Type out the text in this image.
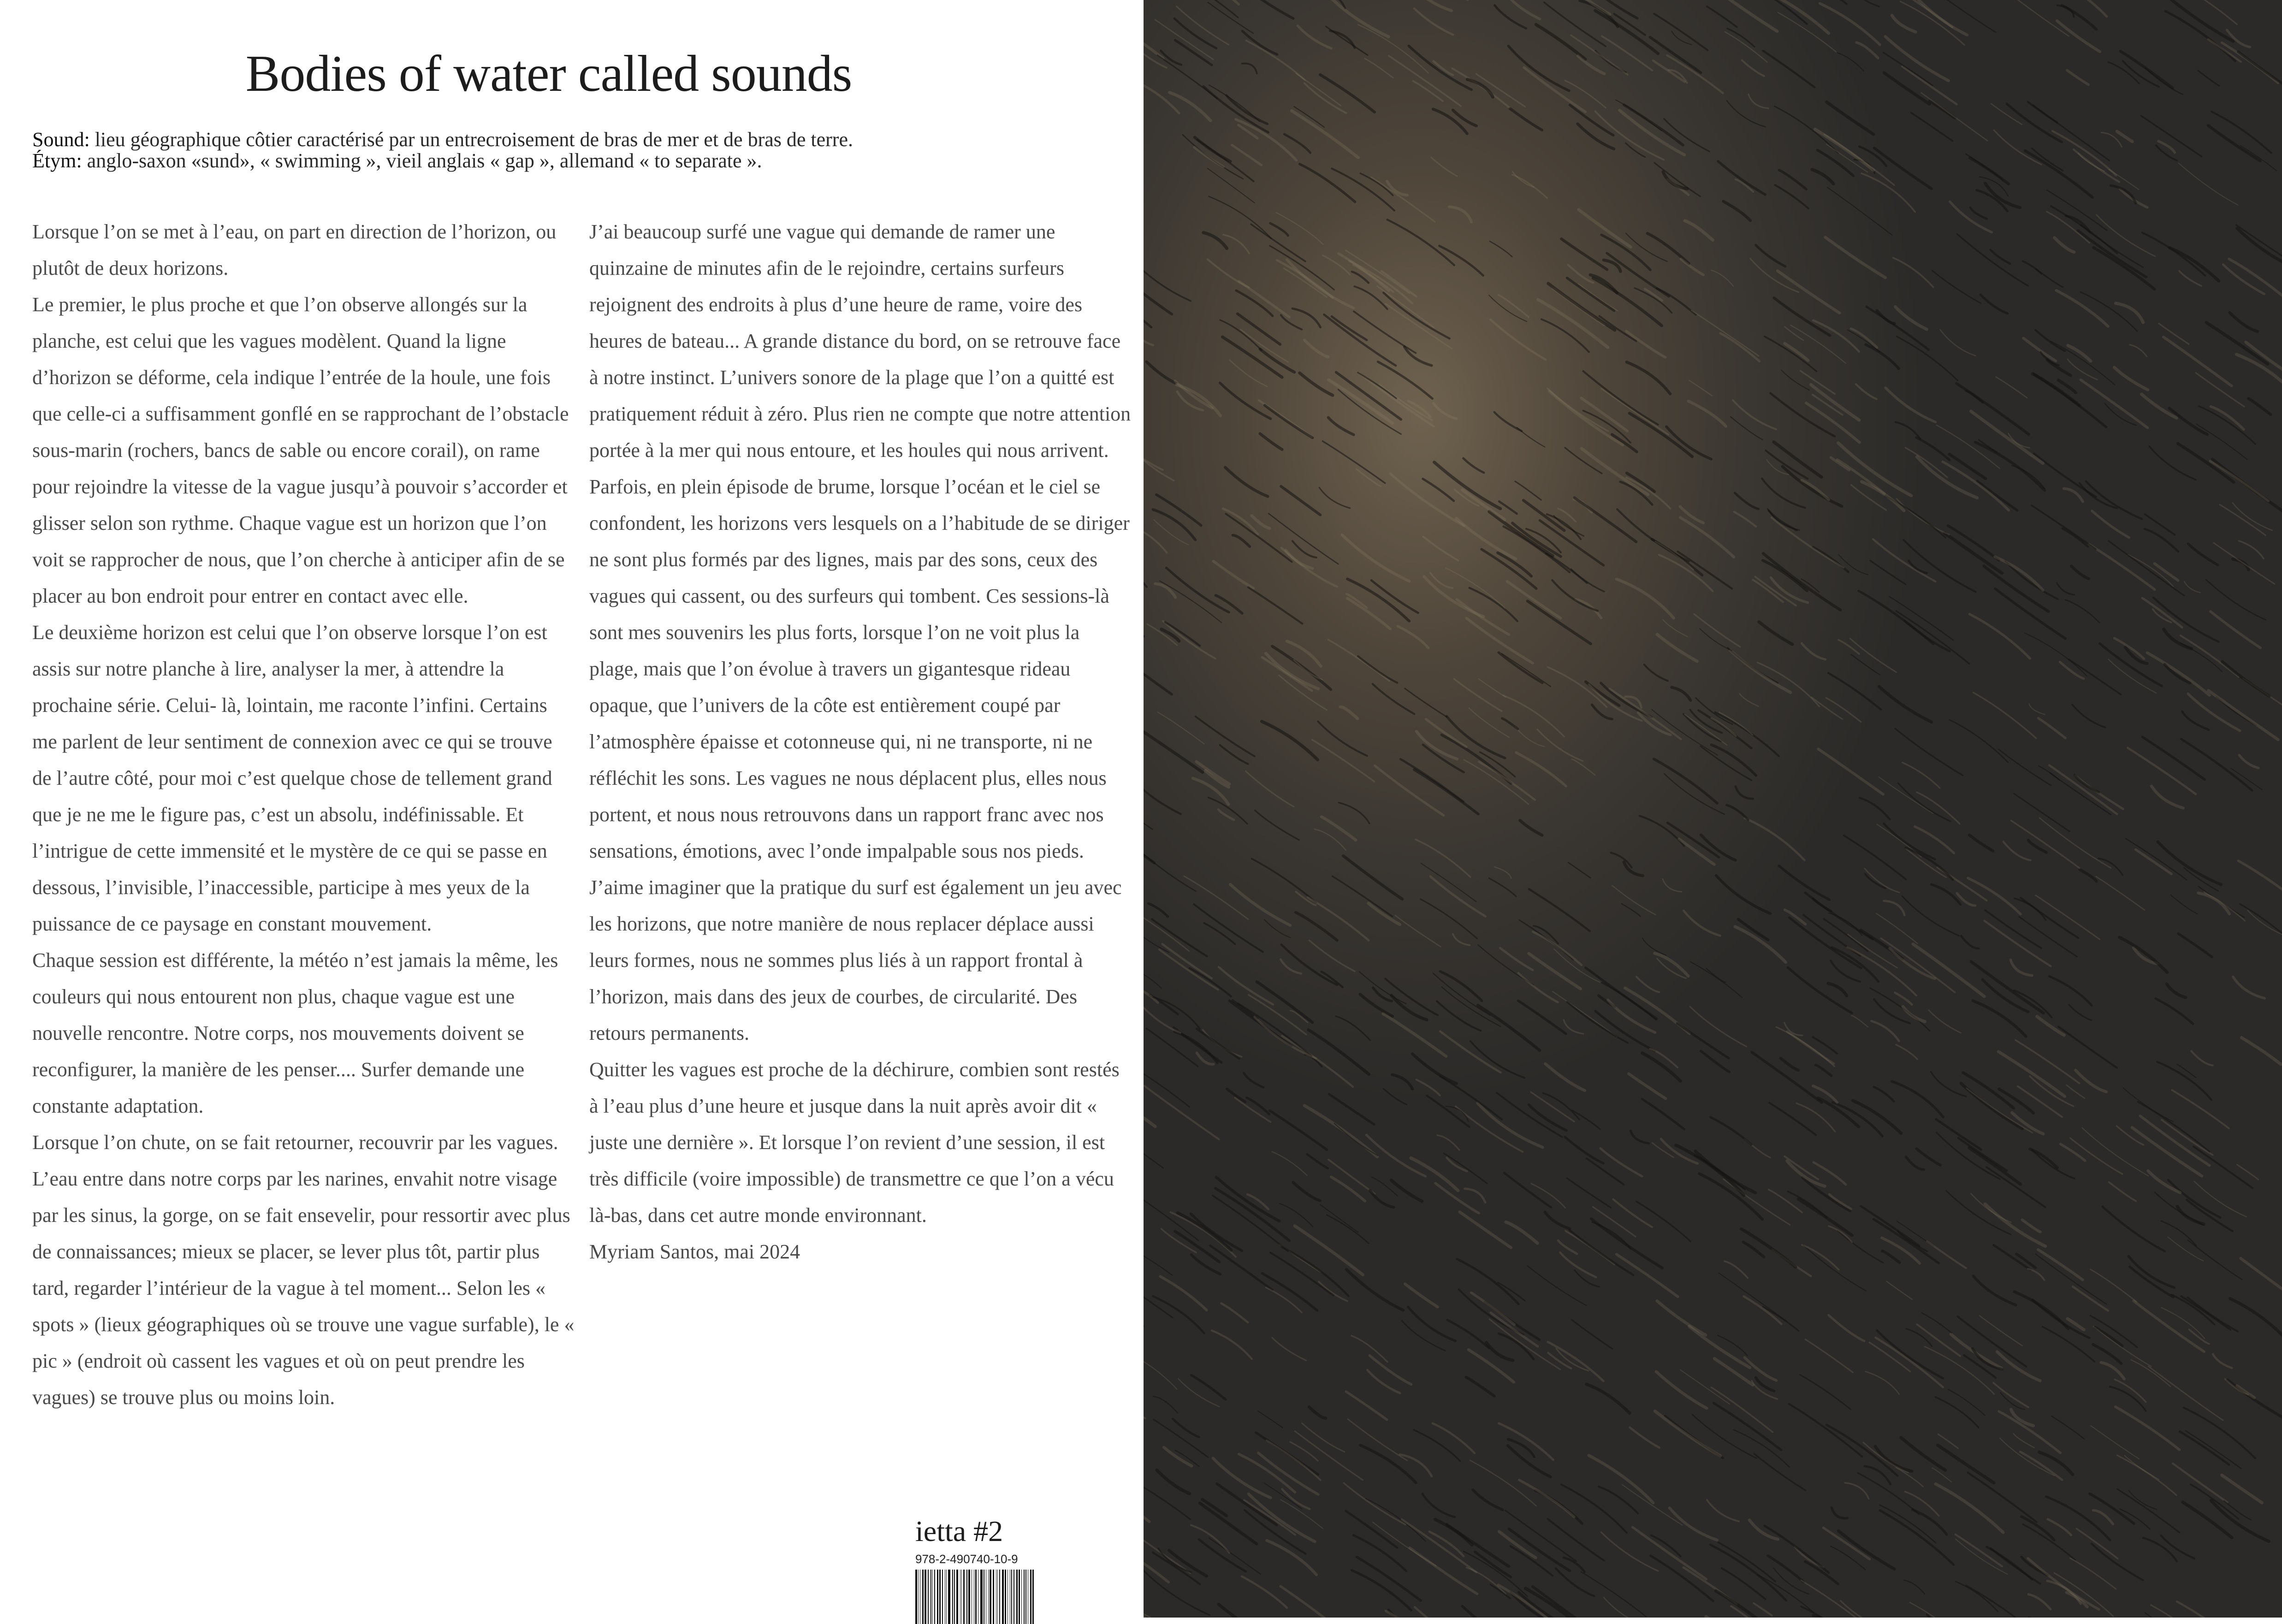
Bodies of water called sounds
Sound: lieu géographique côtier caractérisé par un entrecroisement de bras de mer et de bras de terre.
Étym: anglo-saxon «sund», « swimming », vieil anglais « gap », allemand « to separate ».

Lorsque l’on se met à l’eau, on part en direction de l’horizon, ou plutôt de deux horizons.

Le premier, le plus proche et que l’on observe allongés sur la planche, est celui que les vagues modèlent. Quand la ligne d’horizon se déforme, cela indique l’entrée de la houle, une fois que celle-ci a suffisamment gonflé en se rapprochant de l’obstacle sous-marin (rochers, bancs de sable ou encore corail), on rame pour rejoindre la vitesse de la vague jusqu’à pouvoir s’accorder et glisser selon son rythme. Chaque vague est un horizon que l’on voit se rapprocher de nous, que l’on cherche à anticiper afin de se placer au bon endroit pour entrer en contact avec elle.

Le deuxième horizon est celui que l’on observe lorsque l’on est assis sur notre planche à lire, analyser la mer, à attendre la prochaine série. Celui- là, lointain, me raconte l’infini. Certains me parlent de leur sentiment de connexion avec ce qui se trouve de l’autre côté, pour moi c’est quelque chose de tellement grand que je ne me le figure pas, c’est un absolu, indéfinissable. Et l’intrigue de cette immensité et le mystère de ce qui se passe en dessous, l’invisible, l’inaccessible, participe à mes yeux de la puissance de ce paysage en constant mouvement.

Chaque session est différente, la météo n’est jamais la même, les couleurs qui nous entourent non plus, chaque vague est une nouvelle rencontre. Notre corps, nos mouvements doivent se reconfigurer, la manière de les penser.... Surfer demande une constante adaptation.

Lorsque l’on chute, on se fait retourner, recouvrir par les vagues. L’eau entre dans notre corps par les narines, envahit notre visage par les sinus, la gorge, on se fait ensevelir, pour ressortir avec plus de connaissances; mieux se placer, se lever plus tôt, partir plus tard, regarder l’intérieur de la vague à tel moment... Selon les « spots » (lieux géographiques où se trouve une vague surfable), le « pic » (endroit où cassent les vagues et où on peut prendre les vagues) se trouve plus ou moins loin.

J’ai beaucoup surfé une vague qui demande de ramer une quinzaine de minutes afin de le rejoindre, certains surfeurs rejoignent des endroits à plus d’une heure de rame, voire des heures de bateau... A grande distance du bord, on se retrouve face à notre instinct. L’univers sonore de la plage que l’on a quitté est pratiquement réduit à zéro. Plus rien ne compte que notre attention portée à la mer qui nous entoure, et les houles qui nous arrivent. Parfois, en plein épisode de brume, lorsque l’océan et le ciel se confondent, les horizons vers lesquels on a l’habitude de se diriger ne sont plus formés par des lignes, mais par des sons, ceux des vagues qui cassent, ou des surfeurs qui tombent. Ces sessions-là sont mes souvenirs les plus forts, lorsque l’on ne voit plus la plage, mais que l’on évolue à travers un gigantesque rideau opaque, que l’univers de la côte est entièrement coupé par l’atmosphère épaisse et cotonneuse qui, ni ne transporte, ni ne réfléchit les sons. Les vagues ne nous déplacent plus, elles nous portent, et nous nous retrouvons dans un rapport franc avec nos sensations, émotions, avec l’onde impalpable sous nos pieds.

J’aime imaginer que la pratique du surf est également un jeu avec les horizons, que notre manière de nous replacer déplace aussi leurs formes, nous ne sommes plus liés à un rapport frontal à l’horizon, mais dans des jeux de courbes, de circularité. Des retours permanents.

Quitter les vagues est proche de la déchirure, combien sont restés à l’eau plus d’une heure et jusque dans la nuit après avoir dit « juste une dernière ». Et lorsque l’on revient d’une session, il est très difficile (voire impossible) de transmettre ce que l’on a vécu là-bas, dans cet autre monde environnant.

Myriam Santos, mai 2024

ietta #2
978-2-490740-10-9
